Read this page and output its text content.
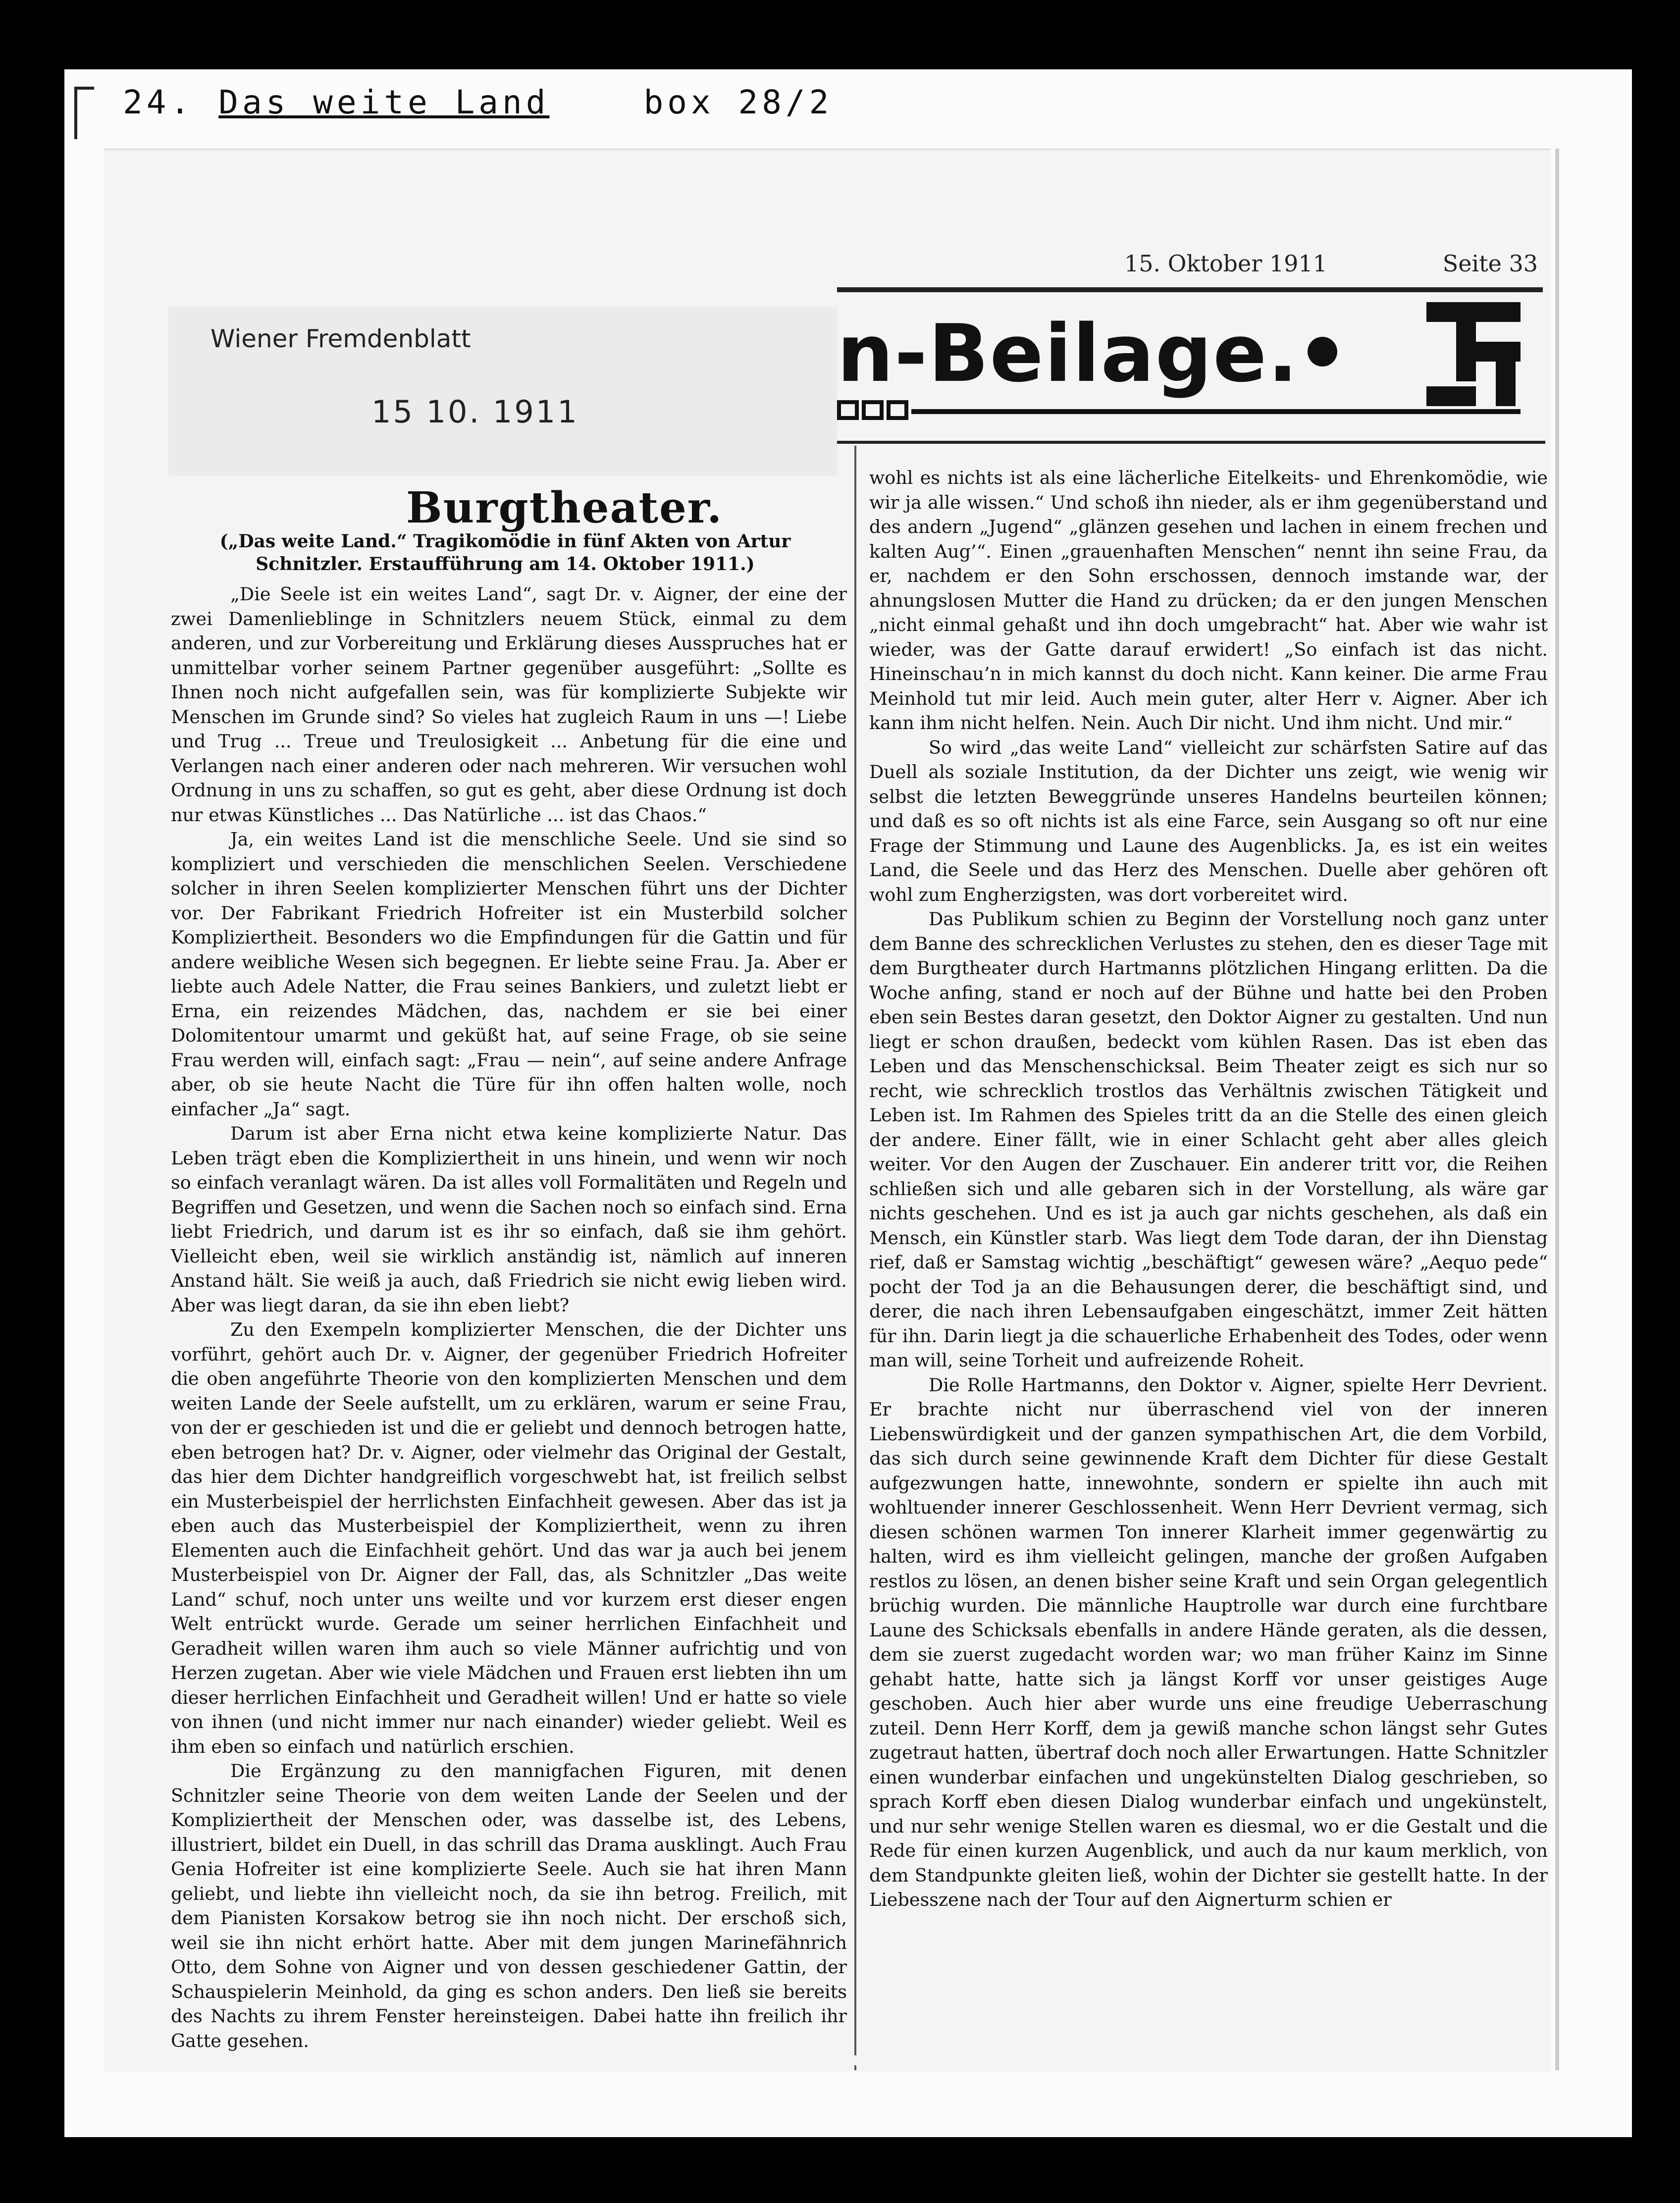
24. Das weite Land	box 28/2
15. Oktober 1911	Seite 33
n-Beilage.
Wiener Fremdenblatt
15 10. 1911
Burgtheater.
(„Das weite Land.“ Tragikomödie in fünf Akten von Artur Schnitzler. Erstaufführung am 14. Oktober 1911.)

„Die Seele ist ein weites Land“, sagt Dr. v. Aigner, der eine der zwei Damenlieblinge in Schnitzlers neuem Stück, einmal zu dem anderen, und zur Vorbereitung und Erklärung dieses Ausspruches hat er unmittelbar vorher seinem Partner gegenüber ausgeführt: „Sollte es Ihnen noch nicht aufgefallen sein, was für komplizierte Subjekte wir Menschen im Grunde sind? So vieles hat zugleich Raum in uns —! Liebe und Trug ... Treue und Treulosigkeit ... Anbetung für die eine und Verlangen nach einer anderen oder nach mehreren. Wir versuchen wohl Ordnung in uns zu schaffen, so gut es geht, aber diese Ordnung ist doch nur etwas Künstliches ... Das Natürliche ... ist das Chaos.“

Ja, ein weites Land ist die menschliche Seele. Und sie sind so kompliziert und verschieden die menschlichen Seelen. Verschiedene solcher in ihren Seelen komplizierter Menschen führt uns der Dichter vor. Der Fabrikant Friedrich Hofreiter ist ein Musterbild solcher Kompliziertheit. Besonders wo die Empfindungen für die Gattin und für andere weibliche Wesen sich begegnen. Er liebte seine Frau. Ja. Aber er liebte auch Adele Natter, die Frau seines Bankiers, und zuletzt liebt er Erna, ein reizendes Mädchen, das, nachdem er sie bei einer Dolomitentour umarmt und geküßt hat, auf seine Frage, ob sie seine Frau werden will, einfach sagt: „Frau — nein“, auf seine andere Anfrage aber, ob sie heute Nacht die Türe für ihn offen halten wolle, noch einfacher „Ja“ sagt.

Darum ist aber Erna nicht etwa keine komplizierte Natur. Das Leben trägt eben die Kompliziertheit in uns hinein, und wenn wir noch so einfach veranlagt wären. Da ist alles voll Formalitäten und Regeln und Begriffen und Gesetzen, und wenn die Sachen noch so einfach sind. Erna liebt Friedrich, und darum ist es ihr so einfach, daß sie ihm gehört. Vielleicht eben, weil sie wirklich anständig ist, nämlich auf inneren Anstand hält. Sie weiß ja auch, daß Friedrich sie nicht ewig lieben wird. Aber was liegt daran, da sie ihn eben liebt?

Zu den Exempeln komplizierter Menschen, die der Dichter uns vorführt, gehört auch Dr. v. Aigner, der gegenüber Friedrich Hofreiter die oben angeführte Theorie von den komplizierten Menschen und dem weiten Lande der Seele aufstellt, um zu erklären, warum er seine Frau, von der er geschieden ist und die er geliebt und dennoch betrogen hatte, eben betrogen hat? Dr. v. Aigner, oder vielmehr das Original der Gestalt, das hier dem Dichter handgreiflich vorgeschwebt hat, ist freilich selbst ein Musterbeispiel der herrlichsten Einfachheit gewesen. Aber das ist ja eben auch das Musterbeispiel der Kompliziertheit, wenn zu ihren Elementen auch die Einfachheit gehört. Und das war ja auch bei jenem Musterbeispiel von Dr. Aigner der Fall, das, als Schnitzler „Das weite Land“ schuf, noch unter uns weilte und vor kurzem erst dieser engen Welt entrückt wurde. Gerade um seiner herrlichen Einfachheit und Geradheit willen waren ihm auch so viele Männer aufrichtig und von Herzen zugetan. Aber wie viele Mädchen und Frauen erst liebten ihn um dieser herrlichen Einfachheit und Geradheit willen! Und er hatte so viele von ihnen (und nicht immer nur nach einander) wieder geliebt. Weil es ihm eben so einfach und natürlich erschien.

Die Ergänzung zu den mannigfachen Figuren, mit denen Schnitzler seine Theorie von dem weiten Lande der Seelen und der Kompliziertheit der Menschen oder, was dasselbe ist, des Lebens, illustriert, bildet ein Duell, in das schrill das Drama ausklingt. Auch Frau Genia Hofreiter ist eine komplizierte Seele. Auch sie hat ihren Mann geliebt, und liebte ihn vielleicht noch, da sie ihn betrog. Freilich, mit dem Pianisten Korsakow betrog sie ihn noch nicht. Der erschoß sich, weil sie ihn nicht erhört hatte. Aber mit dem jungen Marinefähnrich Otto, dem Sohne von Aigner und von dessen geschiedener Gattin, der Schauspielerin Meinhold, da ging es schon anders. Den ließ sie bereits des Nachts zu ihrem Fenster hereinsteigen. Dabei hatte ihn freilich ihr Gatte gesehen.

wohl es nichts ist als eine lächerliche Eitelkeits- und Ehrenkomödie, wie wir ja alle wissen.“ Und schoß ihn nieder, als er ihm gegenüberstand und des andern „Jugend“ „glänzen gesehen und lachen in einem frechen und kalten Aug’“. Einen „grauenhaften Menschen“ nennt ihn seine Frau, da er, nachdem er den Sohn erschossen, dennoch imstande war, der ahnungslosen Mutter die Hand zu drücken; da er den jungen Menschen „nicht einmal gehaßt und ihn doch umgebracht“ hat. Aber wie wahr ist wieder, was der Gatte darauf erwidert! „So einfach ist das nicht. Hineinschau’n in mich kannst du doch nicht. Kann keiner. Die arme Frau Meinhold tut mir leid. Auch mein guter, alter Herr v. Aigner. Aber ich kann ihm nicht helfen. Nein. Auch Dir nicht. Und ihm nicht. Und mir.“

So wird „das weite Land“ vielleicht zur schärfsten Satire auf das Duell als soziale Institution, da der Dichter uns zeigt, wie wenig wir selbst die letzten Beweggründe unseres Handelns beurteilen können; und daß es so oft nichts ist als eine Farce, sein Ausgang so oft nur eine Frage der Stimmung und Laune des Augenblicks. Ja, es ist ein weites Land, die Seele und das Herz des Menschen. Duelle aber gehören oft wohl zum Engherzigsten, was dort vorbereitet wird.

Das Publikum schien zu Beginn der Vorstellung noch ganz unter dem Banne des schrecklichen Verlustes zu stehen, den es dieser Tage mit dem Burgtheater durch Hartmanns plötzlichen Hingang erlitten. Da die Woche anfing, stand er noch auf der Bühne und hatte bei den Proben eben sein Bestes daran gesetzt, den Doktor Aigner zu gestalten. Und nun liegt er schon draußen, bedeckt vom kühlen Rasen. Das ist eben das Leben und das Menschenschicksal. Beim Theater zeigt es sich nur so recht, wie schrecklich trostlos das Verhältnis zwischen Tätigkeit und Leben ist. Im Rahmen des Spieles tritt da an die Stelle des einen gleich der andere. Einer fällt, wie in einer Schlacht geht aber alles gleich weiter. Vor den Augen der Zuschauer. Ein anderer tritt vor, die Reihen schließen sich und alle gebaren sich in der Vorstellung, als wäre gar nichts geschehen. Und es ist ja auch gar nichts geschehen, als daß ein Mensch, ein Künstler starb. Was liegt dem Tode daran, der ihn Dienstag rief, daß er Samstag wichtig „beschäftigt“ gewesen wäre? „Aequo pede“ pocht der Tod ja an die Behausungen derer, die beschäftigt sind, und derer, die nach ihren Lebensaufgaben eingeschätzt, immer Zeit hätten für ihn. Darin liegt ja die schauerliche Erhabenheit des Todes, oder wenn man will, seine Torheit und aufreizende Roheit.

Die Rolle Hartmanns, den Doktor v. Aigner, spielte Herr Devrient. Er brachte nicht nur überraschend viel von der inneren Liebenswürdigkeit und der ganzen sympathischen Art, die dem Vorbild, das sich durch seine gewinnende Kraft dem Dichter für diese Gestalt aufgezwungen hatte, innewohnte, sondern er spielte ihn auch mit wohltuender innerer Geschlossenheit. Wenn Herr Devrient vermag, sich diesen schönen warmen Ton innerer Klarheit immer gegenwärtig zu halten, wird es ihm vielleicht gelingen, manche der großen Aufgaben restlos zu lösen, an denen bisher seine Kraft und sein Organ gelegentlich brüchig wurden. Die männliche Hauptrolle war durch eine furchtbare Laune des Schicksals ebenfalls in andere Hände geraten, als die dessen, dem sie zuerst zugedacht worden war; wo man früher Kainz im Sinne gehabt hatte, hatte sich ja längst Korff vor unser geistiges Auge geschoben. Auch hier aber wurde uns eine freudige Ueberraschung zuteil. Denn Herr Korff, dem ja gewiß manche schon längst sehr Gutes zugetraut hatten, übertraf doch noch aller Erwartungen. Hatte Schnitzler einen wunderbar einfachen und ungekünstelten Dialog geschrieben, so sprach Korff eben diesen Dialog wunderbar einfach und ungekünstelt, und nur sehr wenige Stellen waren es diesmal, wo er die Gestalt und die Rede für einen kurzen Augenblick, und auch da nur kaum merklich, von dem Standpunkte gleiten ließ, wohin der Dichter sie gestellt hatte. In der Liebesszene nach der Tour auf den Aignerturm schien er
